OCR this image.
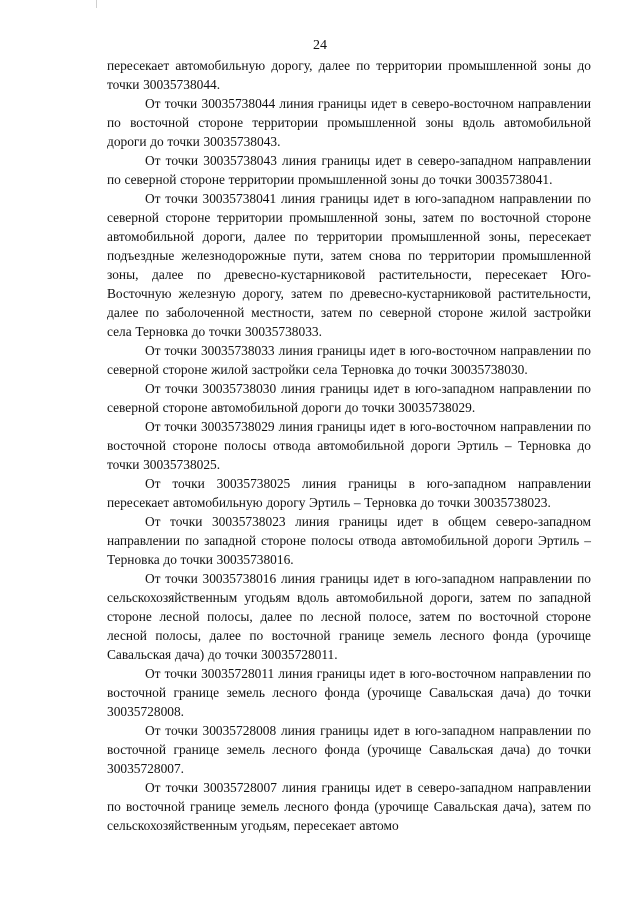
24

пересекает автомобильную дорогу, далее по территории промышленной зоны до точки 30035738044.

От точки 30035738044 линия границы идет в северо-восточном направлении по восточной стороне территории промышленной зоны вдоль автомобильной дороги до точки 30035738043.

От точки 30035738043 линия границы идет в северо-западном направлении по северной стороне территории промышленной зоны до точки 30035738041.

От точки 30035738041 линия границы идет в юго-западном направлении по северной стороне территории промышленной зоны, затем по восточной стороне автомобильной дороги, далее по территории промышленной зоны, пересекает подъездные железнодорожные пути, затем снова по территории промышленной зоны, далее по древесно-кустарниковой растительности, пересекает Юго-Восточную железную дорогу, затем по древесно-кустарниковой растительности, далее по заболоченной местности, затем по северной стороне жилой застройки села Терновка до точки 30035738033.

От точки 30035738033 линия границы идет в юго-восточном направлении по северной стороне жилой застройки села Терновка до точки 30035738030.

От точки 30035738030 линия границы идет в юго-западном направлении по северной стороне автомобильной дороги до точки 30035738029.

От точки 30035738029 линия границы идет в юго-восточном направлении по восточной стороне полосы отвода автомобильной дороги Эртиль – Терновка до точки 30035738025.

От точки 30035738025 линия границы в юго-западном направлении пересекает автомобильную дорогу Эртиль – Терновка до точки 30035738023.

От точки 30035738023 линия границы идет в общем северо-западном направлении по западной стороне полосы отвода автомобильной дороги Эртиль – Терновка до точки 30035738016.

От точки 30035738016 линия границы идет в юго-западном направлении по сельскохозяйственным угодьям вдоль автомобильной дороги, затем по западной стороне лесной полосы, далее по лесной полосе, затем по восточной стороне лесной полосы, далее по восточной границе земель лесного фонда (урочище Савальская дача) до точки 30035728011.

От точки 30035728011 линия границы идет в юго-восточном направлении по восточной границе земель лесного фонда (урочище Савальская дача) до точки 30035728008.

От точки 30035728008 линия границы идет в юго-западном направлении по восточной границе земель лесного фонда (урочище Савальская дача) до точки 30035728007.

От точки 30035728007 линия границы идет в северо-западном направлении по восточной границе земель лесного фонда (урочище Савальская дача), затем по сельскохозяйственным угодьям, пересекает автомо
